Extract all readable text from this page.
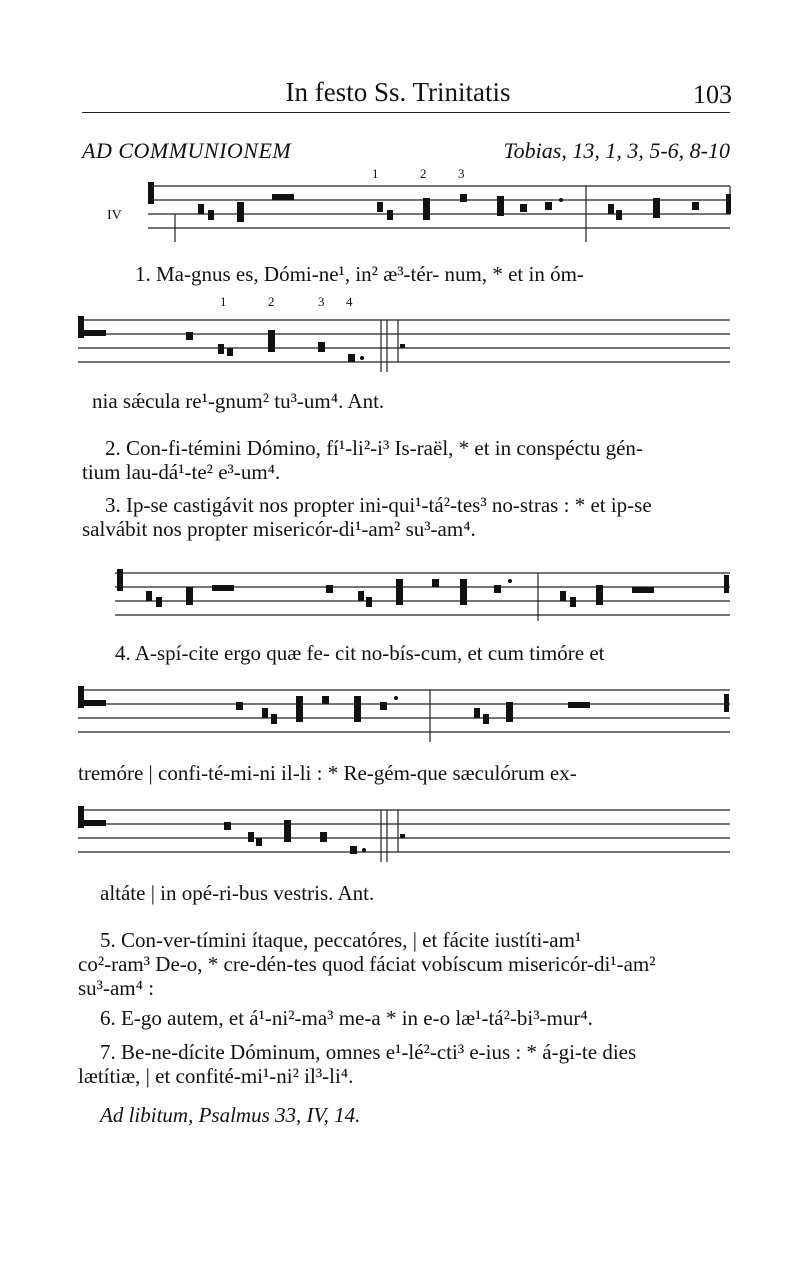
In festo Ss. Trinitatis	103
AD COMMUNIONEM	Tobias, 13, 1, 3, 5-6, 8-10
IV
1	2 3
1. Ma-gnus es, Dómi-ne¹, in² æ³-tér- num, * et in óm-
1	2	3 4
nia sǽcula re¹-gnum² tu³-um⁴. Ant.
2. Con-fi-témini Dómino, fí¹-li²-i³ Is-raël, * et in conspéctu gén-
tium lau-dá¹-te² e³-um⁴.
3. Ip-se castigávit nos propter ini-qui¹-tá²-tes³ no-stras : * et ip-se
salvábit nos propter misericór-di¹-am² su³-am⁴.
4. A-spí-cite ergo quæ fe- cit no-bís-cum, et cum timóre et
tremóre | confi-té-mi-ni il-li : * Re-gém-que sæculórum ex-
altáte | in opé-ri-bus vestris. Ant.
5. Con-ver-tímini ítaque, peccatóres, | et fácite iustíti-am¹
co²-ram³ De-o, * cre-dén-tes quod fáciat vobíscum misericór-di¹-am²
su³-am⁴ :
6. E-go autem, et á¹-ni²-ma³ me-a * in e-o læ¹-tá²-bi³-mur⁴.
7. Be-ne-dícite Dóminum, omnes e¹-lé²-cti³ e-ius : * á-gi-te dies
lætítiæ, | et confité-mi¹-ni² il³-li⁴.
Ad libitum, Psalmus 33, IV, 14.
